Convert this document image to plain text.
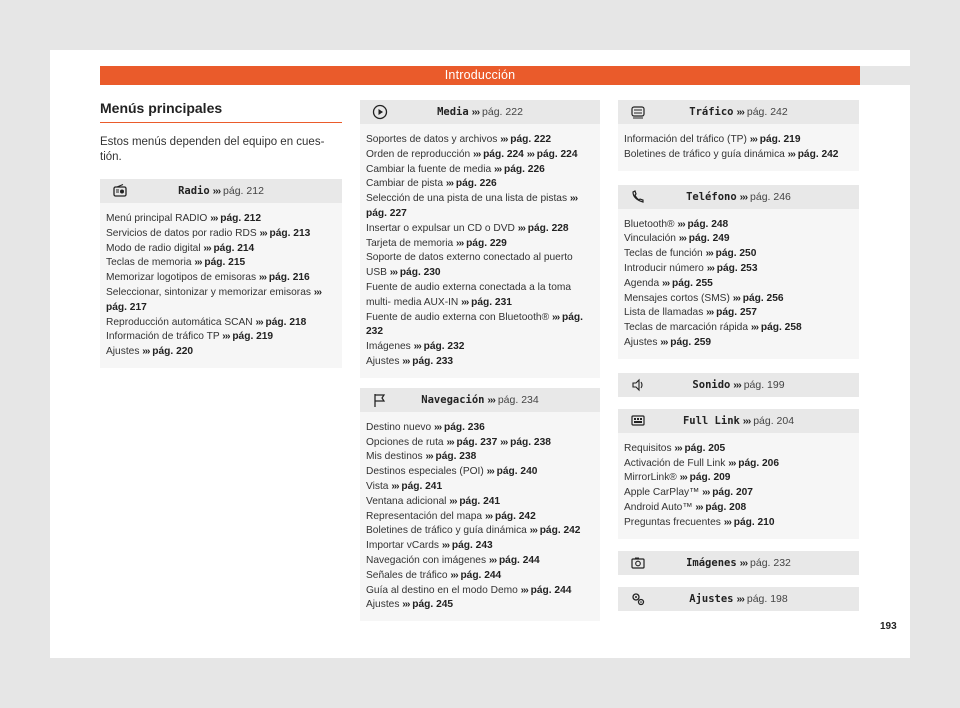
Introducción
Menús principales
Estos menús dependen del equipo en cues- tión.
Radio ››› pág. 212
Menú principal RADIO ››› pág. 212
Servicios de datos por radio RDS ››› pág. 213
Modo de radio digital ››› pág. 214
Teclas de memoria ››› pág. 215
Memorizar logotipos de emisoras ››› pág. 216
Seleccionar, sintonizar y memorizar emisoras ››› pág. 217
Reproducción automática SCAN ››› pág. 218
Información de tráfico TP ››› pág. 219
Ajustes ››› pág. 220
Media ››› pág. 222
Soportes de datos y archivos ››› pág. 222
Orden de reproducción ››› pág. 224 ››› pág. 224
Cambiar la fuente de media ››› pág. 226
Cambiar de pista ››› pág. 226
Selección de una pista de una lista de pistas ››› pág. 227
Insertar o expulsar un CD o DVD ››› pág. 228
Tarjeta de memoria ››› pág. 229
Soporte de datos externo conectado al puerto USB ››› pág. 230
Fuente de audio externa conectada a la toma multi- media AUX-IN ››› pág. 231
Fuente de audio externa con Bluetooth® ››› pág. 232
Imágenes ››› pág. 232
Ajustes ››› pág. 233
Navegación ››› pág. 234
Destino nuevo ››› pág. 236
Opciones de ruta ››› pág. 237 ››› pág. 238
Mis destinos ››› pág. 238
Destinos especiales (POI) ››› pág. 240
Vista ››› pág. 241
Ventana adicional ››› pág. 241
Representación del mapa ››› pág. 242
Boletines de tráfico y guía dinámica ››› pág. 242
Importar vCards ››› pág. 243
Navegación con imágenes ››› pág. 244
Señales de tráfico ››› pág. 244
Guía al destino en el modo Demo ››› pág. 244
Ajustes ››› pág. 245
Tráfico ››› pág. 242
Información del tráfico (TP) ››› pág. 219
Boletines de tráfico y guía dinámica ››› pág. 242
Teléfono ››› pág. 246
Bluetooth® ››› pág. 248
Vinculación ››› pág. 249
Teclas de función ››› pág. 250
Introducir número ››› pág. 253
Agenda ››› pág. 255
Mensajes cortos (SMS) ››› pág. 256
Lista de llamadas ››› pág. 257
Teclas de marcación rápida ››› pág. 258
Ajustes ››› pág. 259
Sonido ››› pág. 199
Full Link ››› pág. 204
Requisitos ››› pág. 205
Activación de Full Link ››› pág. 206
MirrorLink® ››› pág. 209
Apple CarPlay™ ››› pág. 207
Android Auto™ ››› pág. 208
Preguntas frecuentes ››› pág. 210
Imágenes ››› pág. 232
Ajustes ››› pág. 198
193
